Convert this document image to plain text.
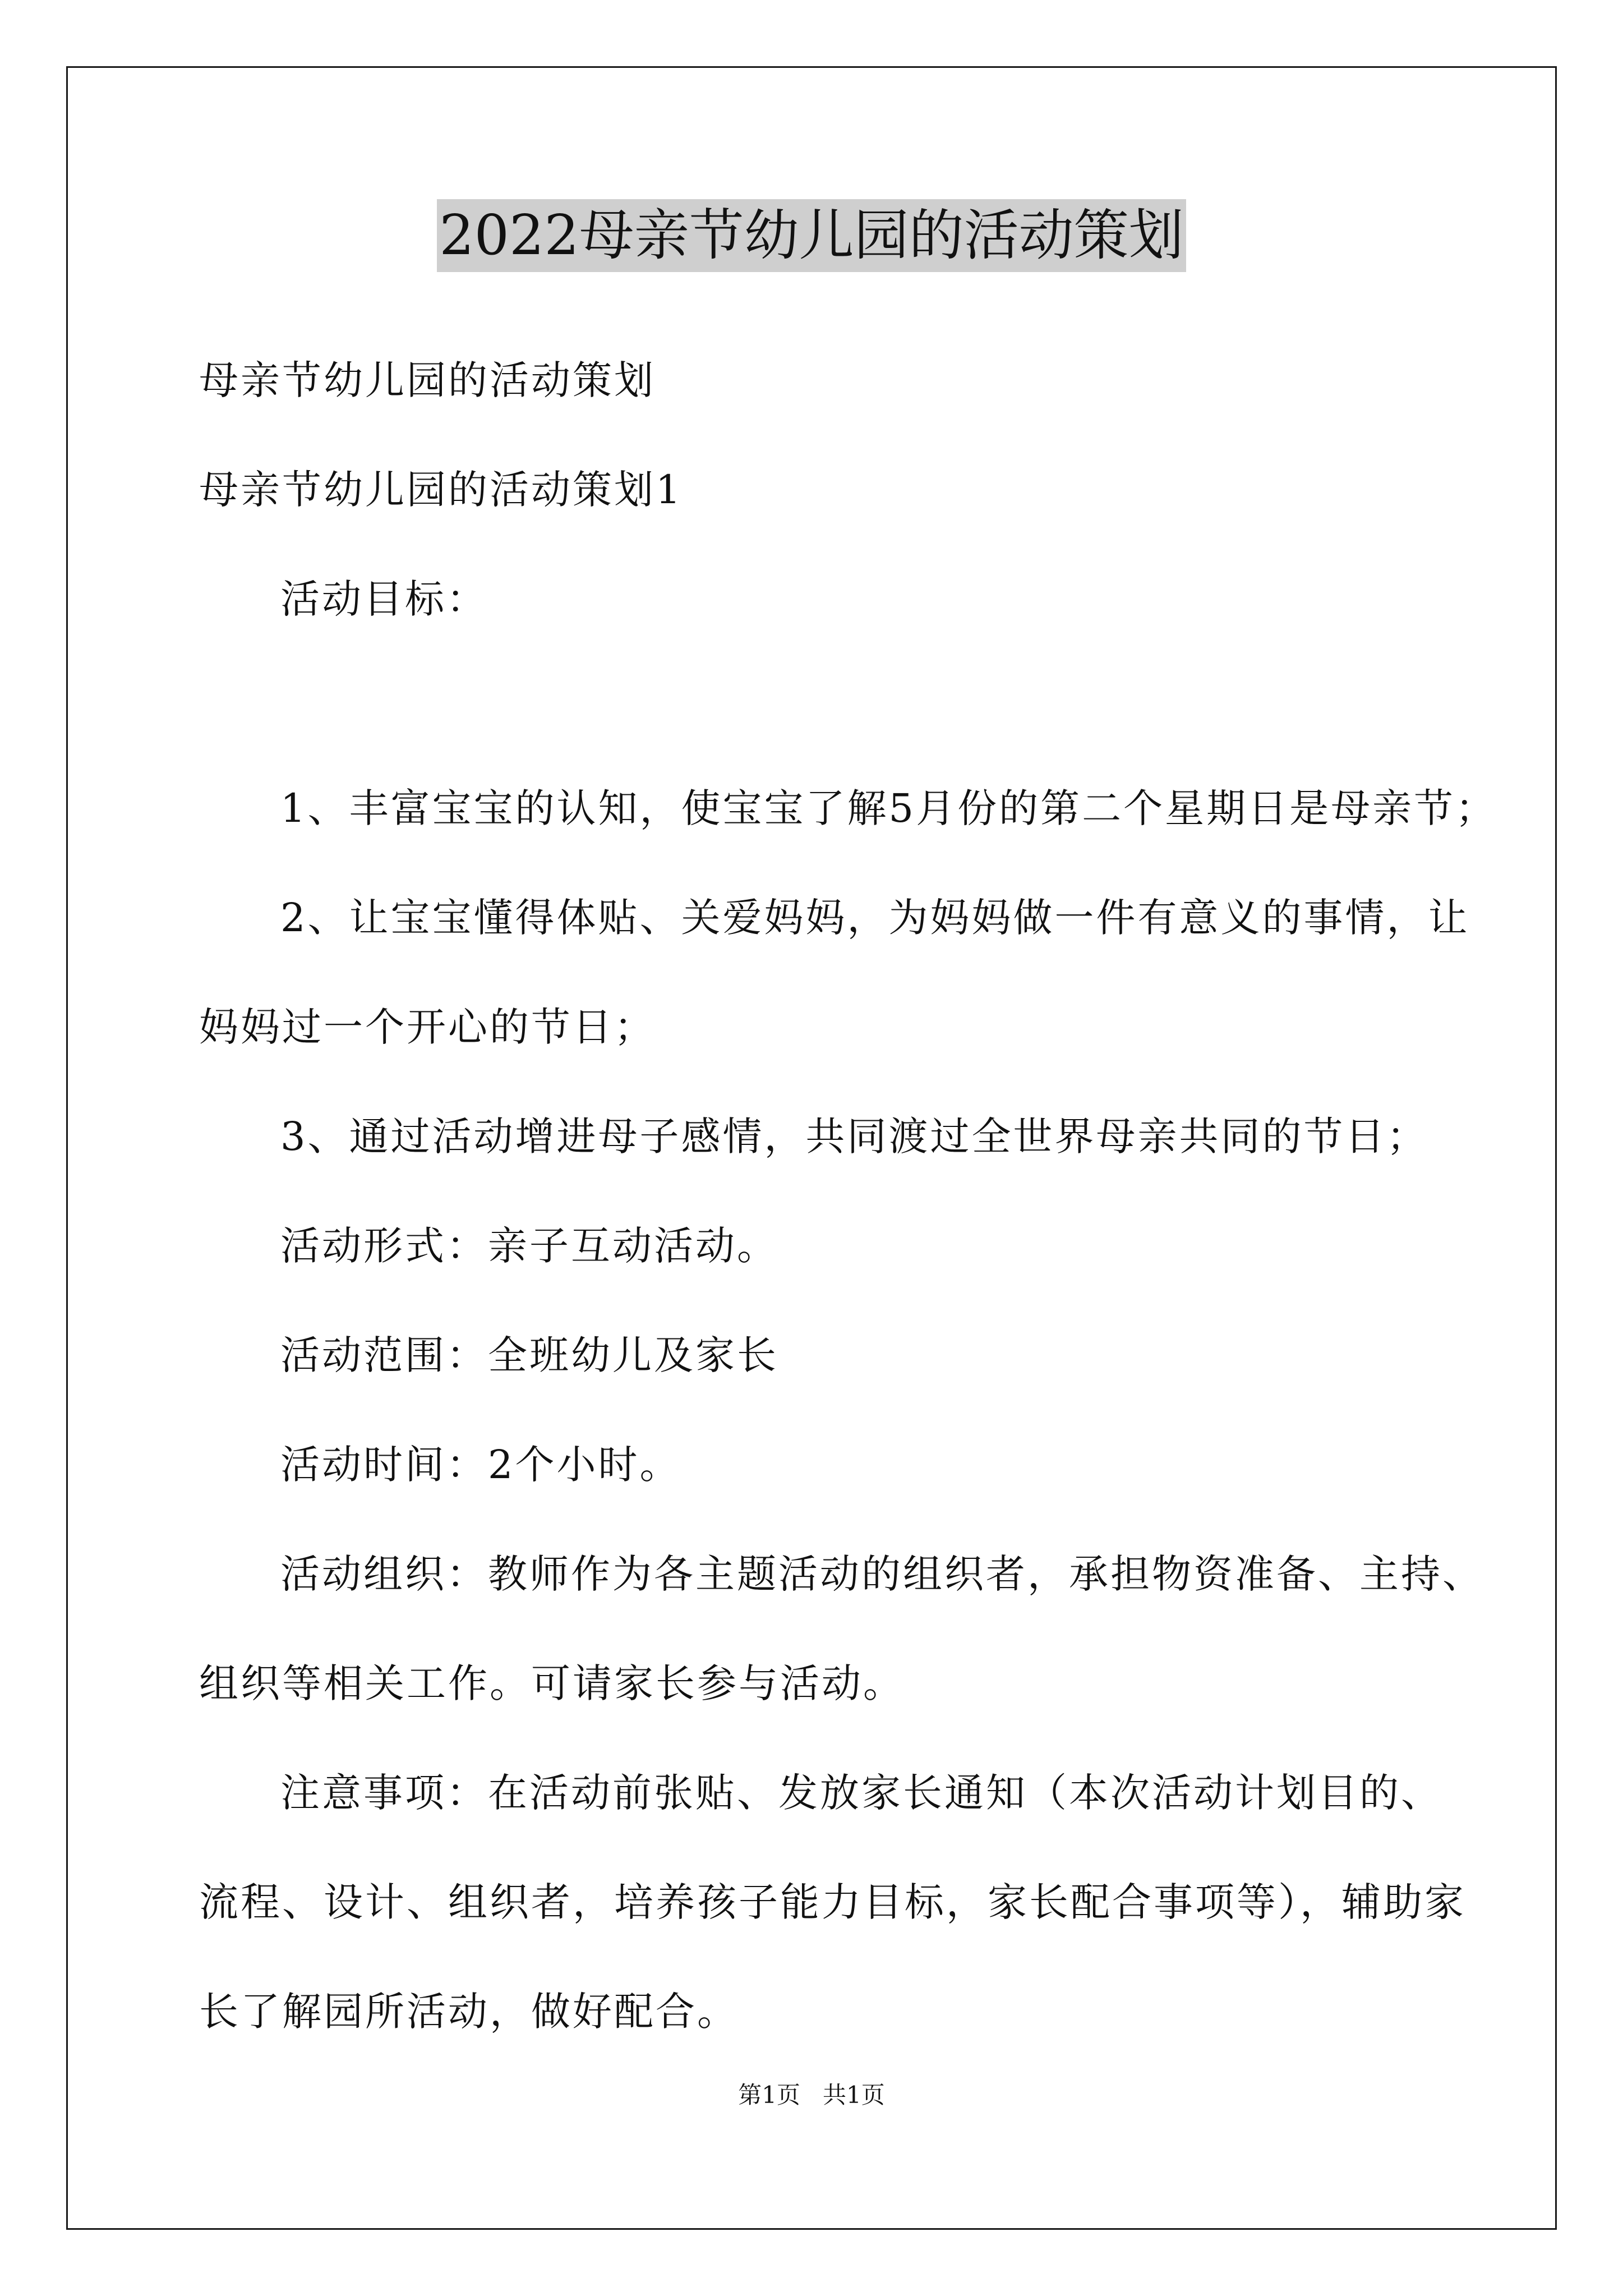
2022母亲节幼儿园的活动策划

母亲节幼儿园的活动策划

母亲节幼儿园的活动策划1

活动目标：

1、丰富宝宝的认知，使宝宝了解5月份的第二个星期日是母亲节；

2、让宝宝懂得体贴、关爱妈妈，为妈妈做一件有意义的事情，让

妈妈过一个开心的节日；

3、通过活动增进母子感情，共同渡过全世界母亲共同的节日；

活动形式：亲子互动活动。

活动范围：全班幼儿及家长

活动时间：2个小时。

活动组织：教师作为各主题活动的组织者，承担物资准备、主持、

组织等相关工作。可请家长参与活动。

注意事项：在活动前张贴、发放家长通知（本次活动计划目的、

流程、设计、组织者，培养孩子能力目标，家长配合事项等），辅助家

长了解园所活动，做好配合。

第1页   共1页
